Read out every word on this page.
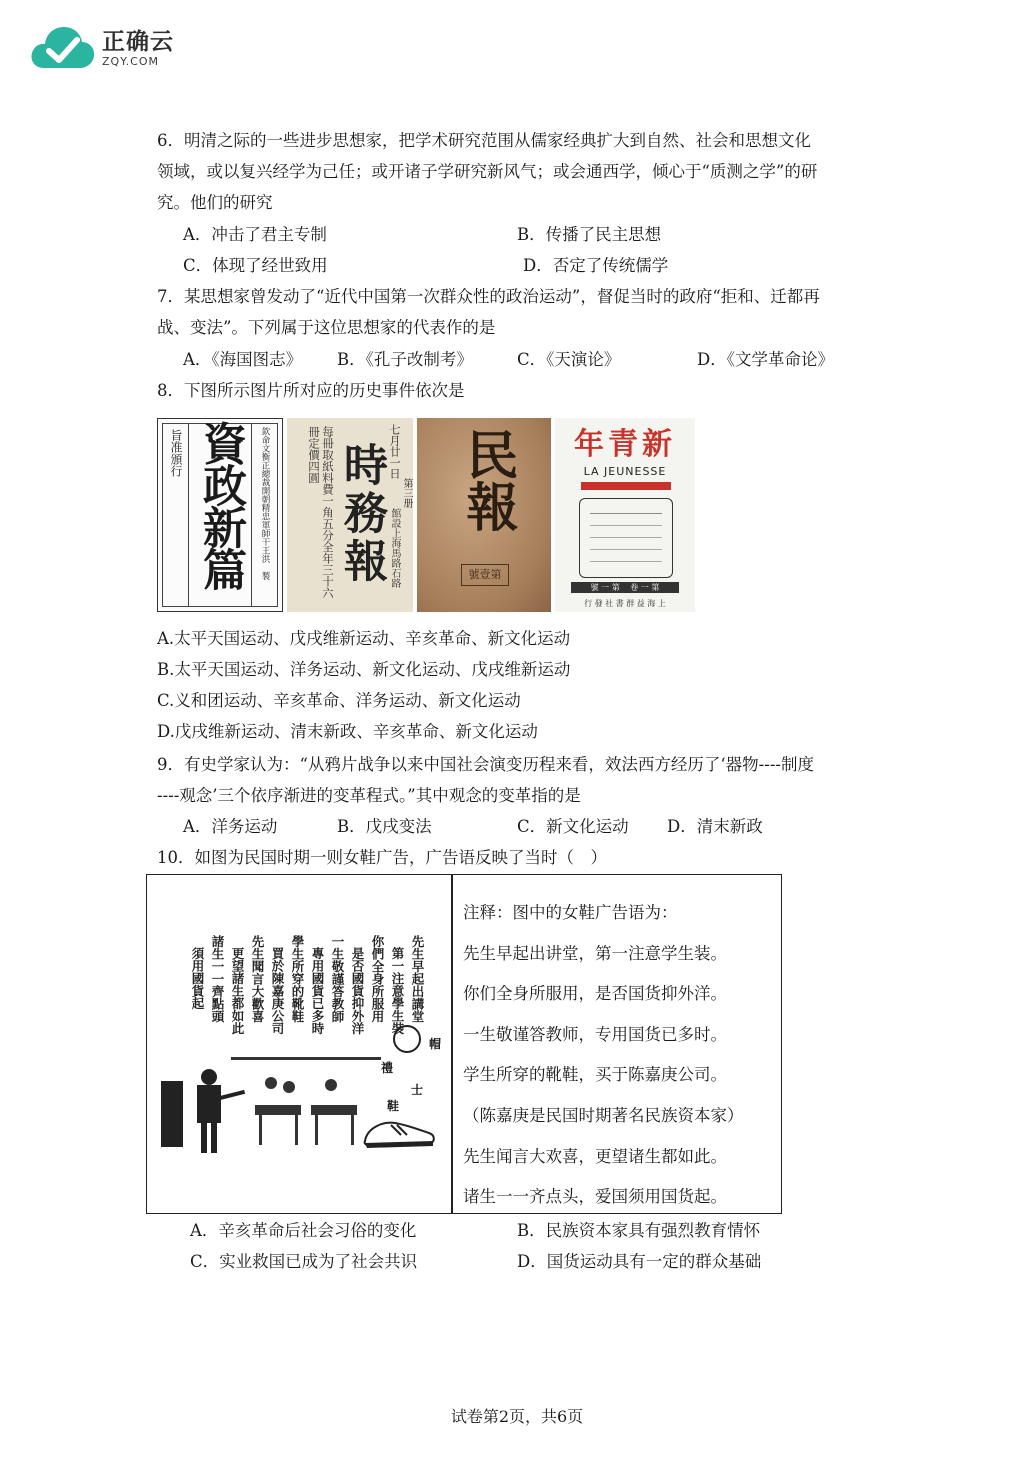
正确云
ZQY.COM
6．明清之际的一些进步思想家，把学术研究范围从儒家经典扩大到自然、社会和思想文化
领域，或以复兴经学为己任；或开诸子学研究新风气；或会通西学，倾心于“质测之学”的研
究。他们的研究
A．冲击了君主专制	B．传播了民主思想
C．体现了经世致用	D．否定了传统儒学
7．某思想家曾发动了“近代中国第一次群众性的政治运动”，督促当时的政府“拒和、迁都再
战、变法”。下列属于这位思想家的代表作的是
A．《海国图志》 B．《孔子改制考》	C．《天演论》	D．《文学革命论》
8．下图所示图片所对应的历史事件依次是
旨准頒行 資政新篇	欽命文衡正總裁開朝精忠軍師干王洪　製	每冊取紙料費一角五分全年三十六冊定價四圓 時務報 七月廿一日
第三册
館設上海馬路石路
民報
號壹第
新青年
LA JEUNESSE
號 一 第 　卷 一 第
行 發 社 書 群 益 海 上
A.太平天国运动、戊戌维新运动、辛亥革命、新文化运动
B.太平天国运动、洋务运动、新文化运动、戊戌维新运动
C.义和团运动、辛亥革命、洋务运动、新文化运动
D.戊戌维新运动、清末新政、辛亥革命、新文化运动
9．有史学家认为：“从鸦片战争以来中国社会演变历程来看，效法西方经历了‘器物----制度
----观念’三个依序渐进的变革程式。”其中观念的变革指的是
A．洋务运动	B．戊戌变法	C．新文化运动 D．清末新政
10．如图为民国时期一则女鞋广告，广告语反映了当时（　）
先生早起出講堂
第一注意學生裝
你們全身所服用
是否國貨抑外洋
一生敬謹答教師
專用國貨已多時
學生所穿的靴鞋
買於陳嘉庚公司
先生聞言大歡喜
更望諸生都如此
諸生一一齊點頭
須用國貨起
禮
帽
士
鞋
注释：图中的女鞋广告语为：
先生早起出讲堂，第一注意学生装。
你们全身所服用，是否国货抑外洋。
一生敬谨答教师，专用国货已多时。
学生所穿的靴鞋，买于陈嘉庚公司。
（陈嘉庚是民国时期著名民族资本家）
先生闻言大欢喜，更望诸生都如此。
诸生一一齐点头，爱国须用国货起。
A．辛亥革命后社会习俗的变化	B．民族资本家具有强烈教育情怀
C．实业救国已成为了社会共识	D．国货运动具有一定的群众基础
试卷第2页，共6页
